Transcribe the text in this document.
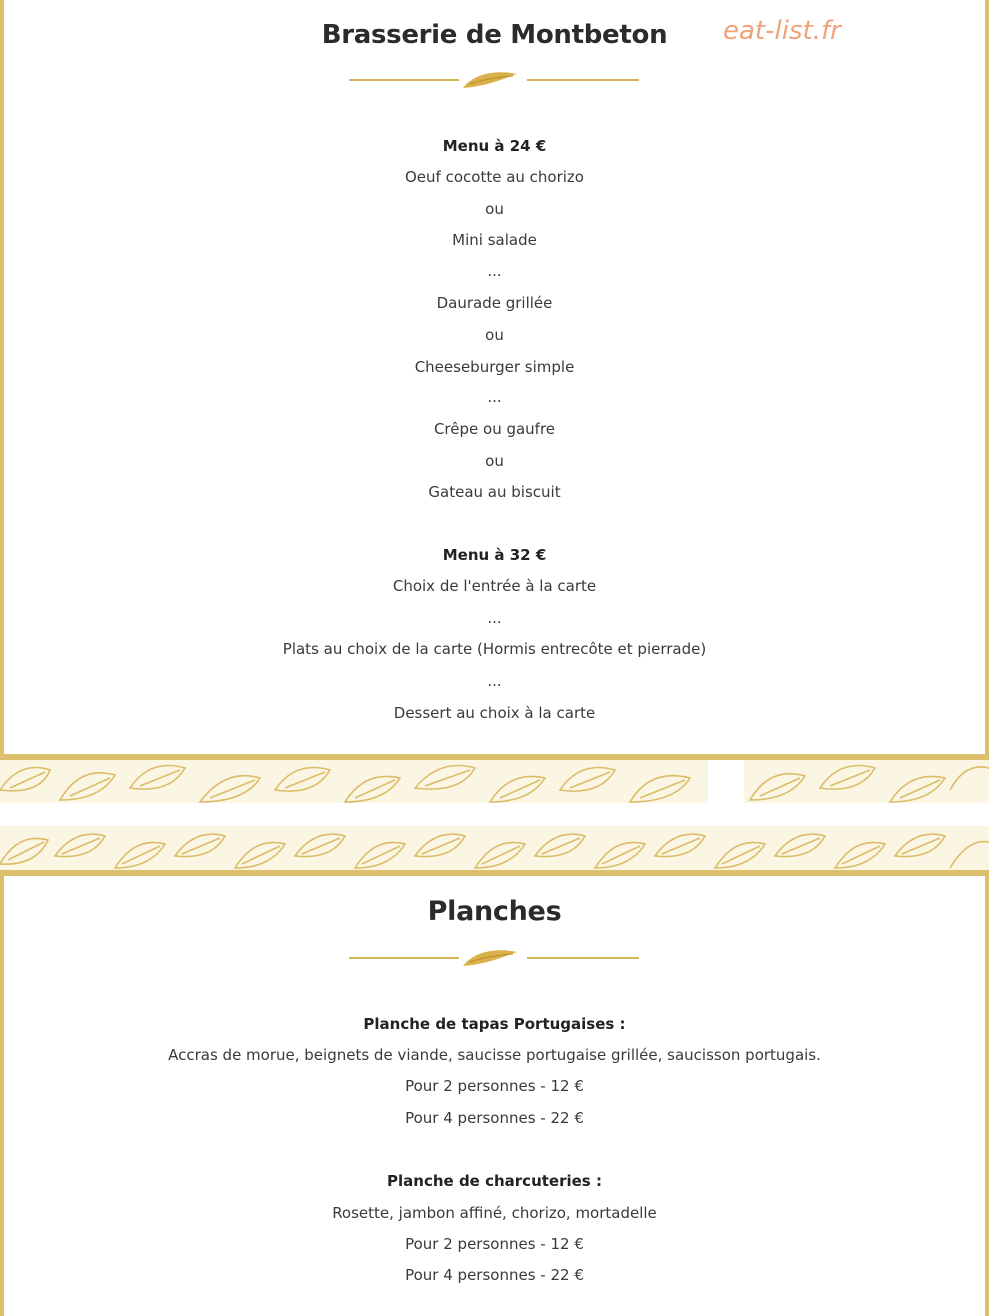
Brasserie de Montbeton	eat-list.fr
Menu à 24 €
Oeuf cocotte au chorizo
ou
Mini salade
...
Daurade grillée
ou
Cheeseburger simple
...
Crêpe ou gaufre
ou
Gateau au biscuit
Menu à 32 €
Choix de l'entrée à la carte
...
Plats au choix de la carte (Hormis entrecôte et pierrade)
...
Dessert au choix à la carte
Planches
Planche de tapas Portugaises :
Accras de morue, beignets de viande, saucisse portugaise grillée, saucisson portugais.
Pour 2 personnes - 12 €
Pour 4 personnes - 22 €
Planche de charcuteries :
Rosette, jambon affiné, chorizo, mortadelle
Pour 2 personnes - 12 €
Pour 4 personnes - 22 €
